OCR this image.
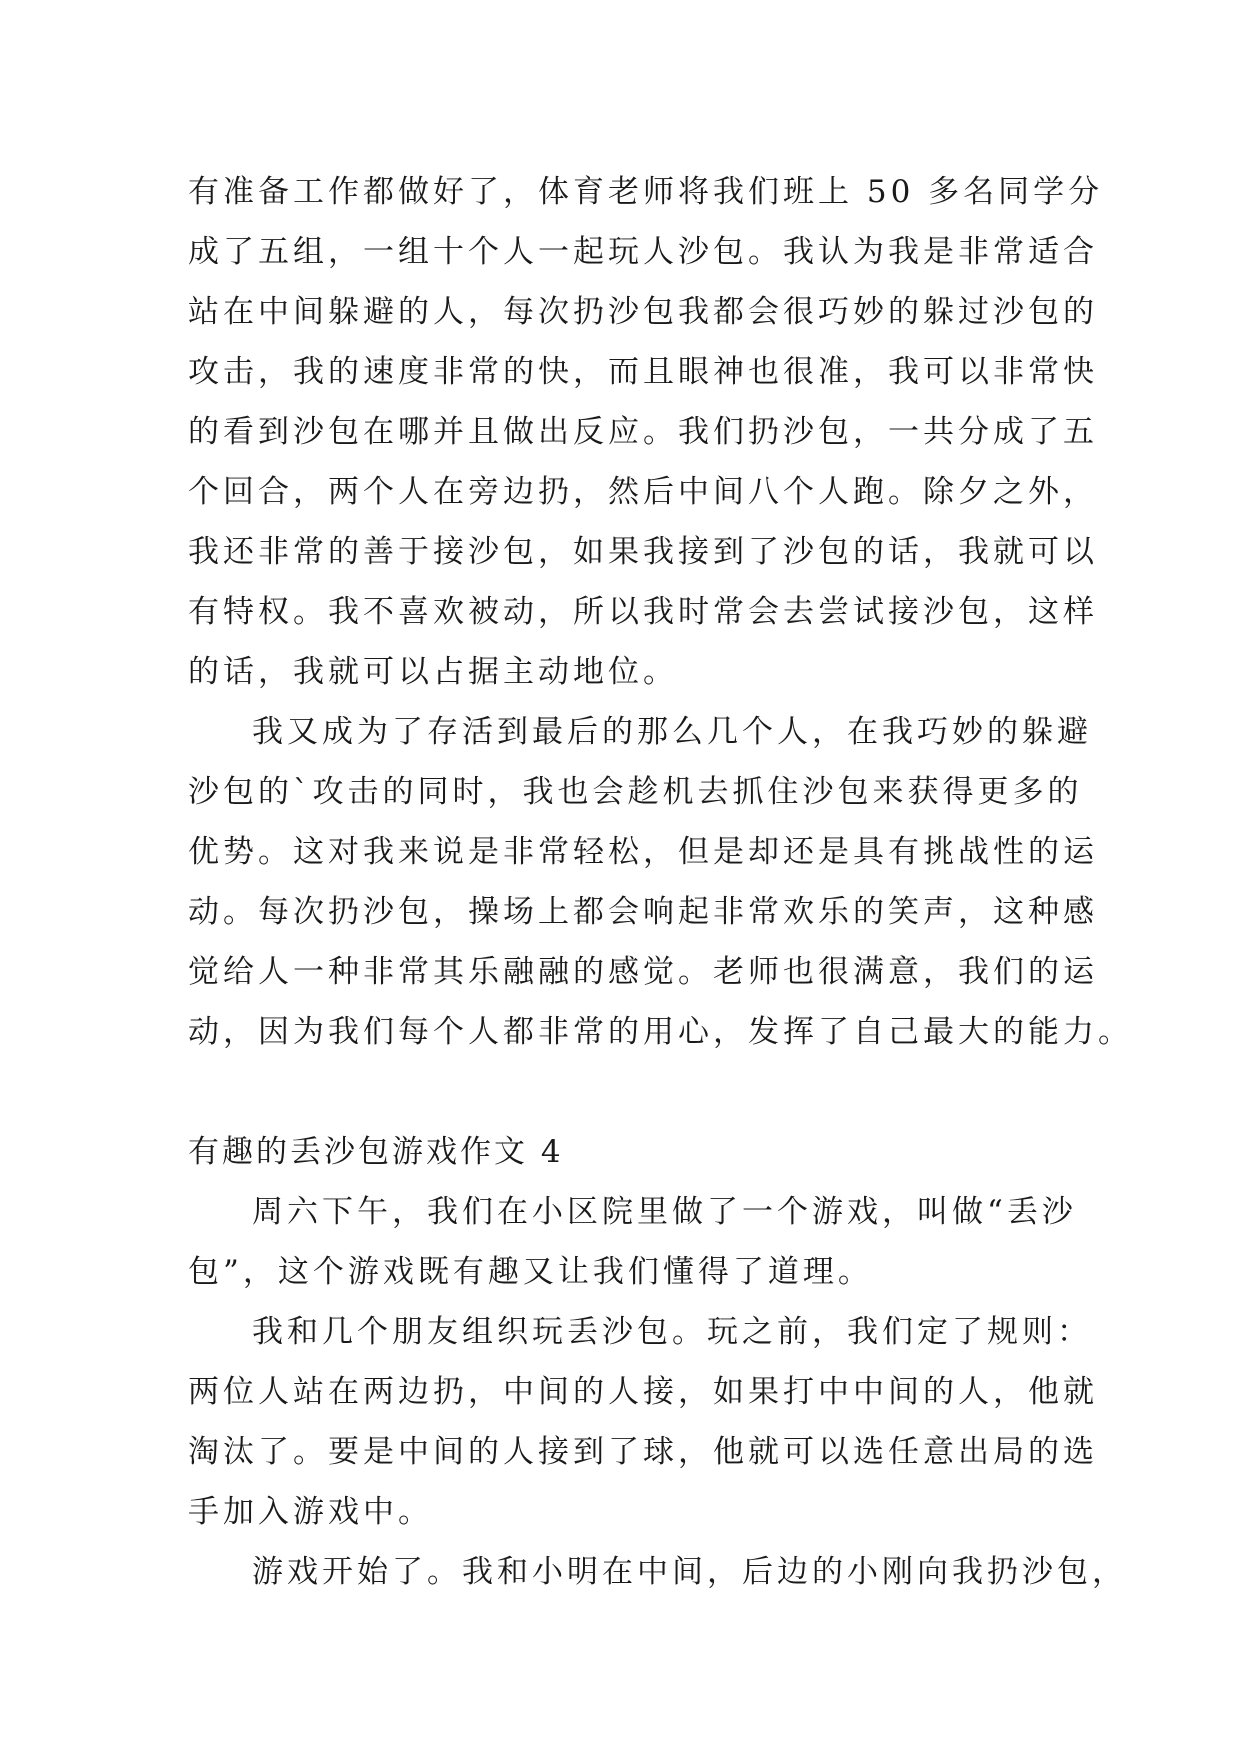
有准备工作都做好了，体育老师将我们班上 50 多名同学分
成了五组，一组十个人一起玩人沙包。我认为我是非常适合
站在中间躲避的人，每次扔沙包我都会很巧妙的躲过沙包的
攻击，我的速度非常的快，而且眼神也很准，我可以非常快
的看到沙包在哪并且做出反应。我们扔沙包，一共分成了五
个回合，两个人在旁边扔，然后中间八个人跑。除夕之外，
我还非常的善于接沙包，如果我接到了沙包的话，我就可以
有特权。我不喜欢被动，所以我时常会去尝试接沙包，这样
的话，我就可以占据主动地位。
我又成为了存活到最后的那么几个人，在我巧妙的躲避
沙包的`攻击的同时，我也会趁机去抓住沙包来获得更多的
优势。这对我来说是非常轻松，但是却还是具有挑战性的运
动。每次扔沙包，操场上都会响起非常欢乐的笑声，这种感
觉给人一种非常其乐融融的感觉。老师也很满意，我们的运
动，因为我们每个人都非常的用心，发挥了自己最大的能力。
有趣的丢沙包游戏作文 4
周六下午，我们在小区院里做了一个游戏，叫做“丢沙
包”，这个游戏既有趣又让我们懂得了道理。
我和几个朋友组织玩丢沙包。玩之前，我们定了规则：
两位人站在两边扔，中间的人接，如果打中中间的人，他就
淘汰了。要是中间的人接到了球，他就可以选任意出局的选
手加入游戏中。
游戏开始了。我和小明在中间，后边的小刚向我扔沙包，
